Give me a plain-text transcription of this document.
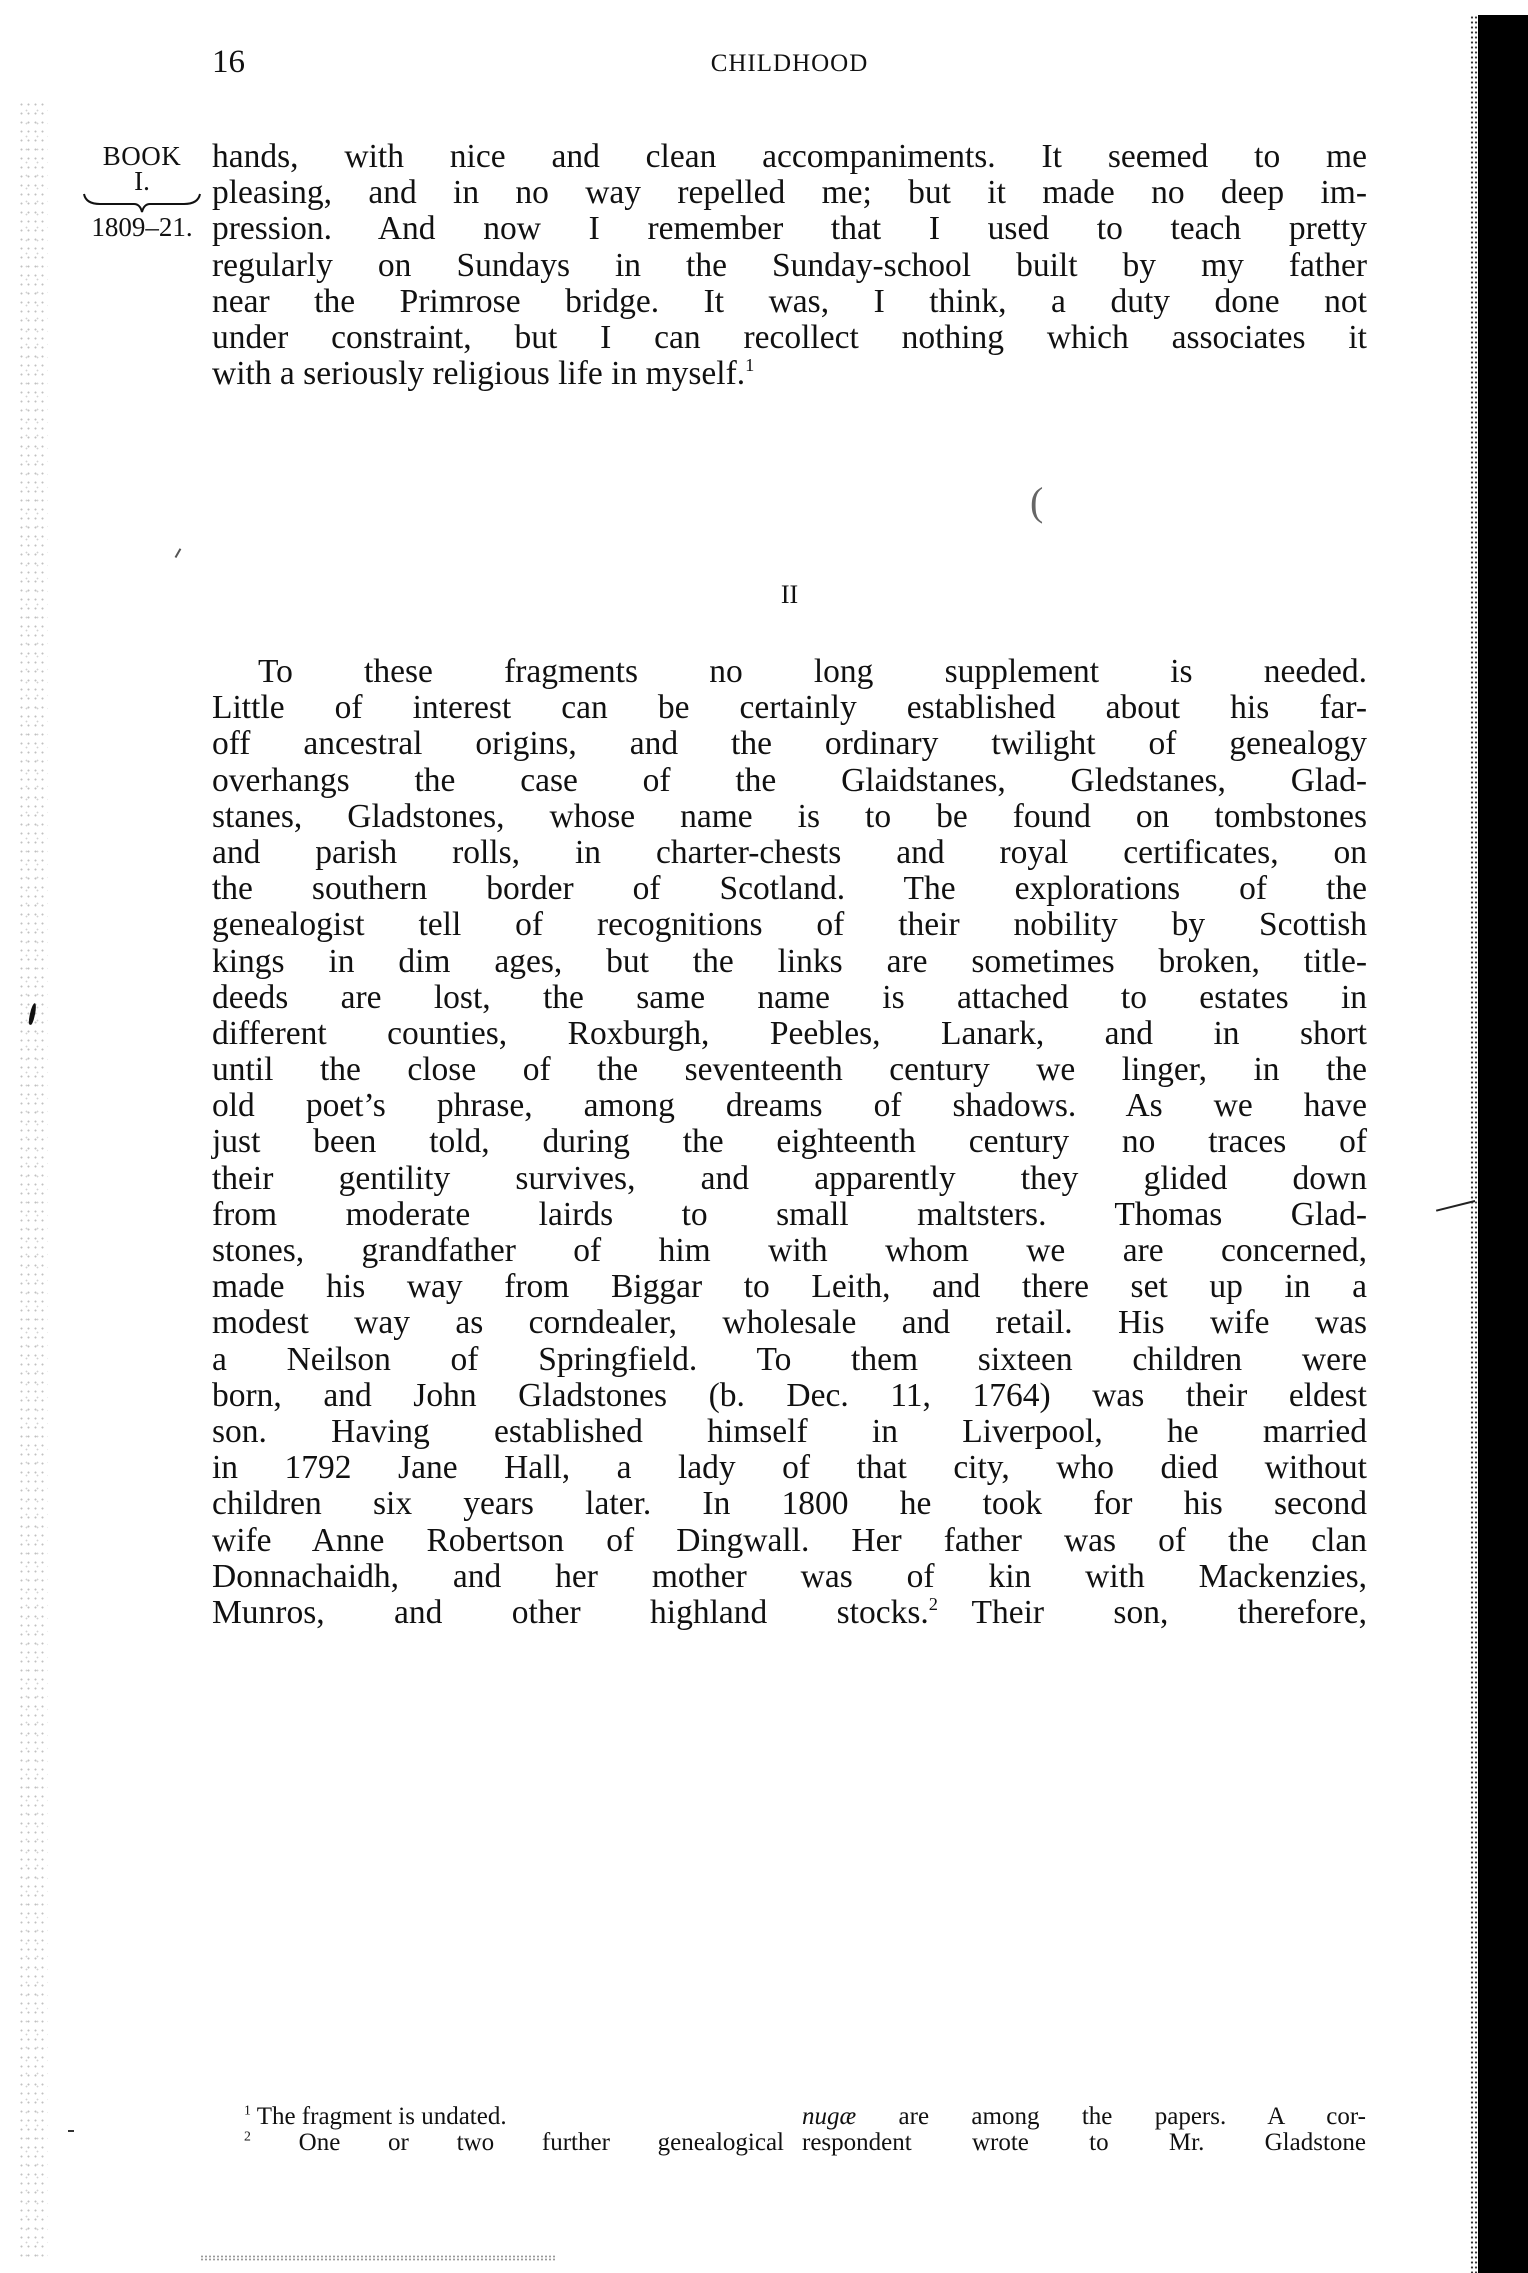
(
16	CHILDHOOD
BOOK
I.
1809–21.
hands, with nice and clean accompaniments. It seemed to me
pleasing, and in no way repelled me; but it made no deep im-
pression. And now I remember that I used to teach pretty
regularly on Sundays in the Sunday-school built by my father
near the Primrose bridge. It was, I think, a duty done not
under constraint, but I can recollect nothing which associates it
with a seriously religious life in myself.$^1$
II
To these fragments no long supplement is needed.
Little of interest can be certainly established about his far-
off ancestral origins, and the ordinary twilight of genealogy
overhangs the case of the Glaidstanes, Gledstanes, Glad-
stanes, Gladstones, whose name is to be found on tombstones
and parish rolls, in charter-chests and royal certificates, on
the southern border of Scotland. The explorations of the
genealogist tell of recognitions of their nobility by Scottish
kings in dim ages, but the links are sometimes broken, title-
deeds are lost, the same name is attached to estates in
different counties, Roxburgh, Peebles, Lanark, and in short
until the close of the seventeenth century we linger, in the
old poet’s phrase, among dreams of shadows. As we have
just been told, during the eighteenth century no traces of
their gentility survives, and apparently they glided down
from moderate lairds to small maltsters. Thomas Glad-
stones, grandfather of him with whom we are concerned,
made his way from Biggar to Leith, and there set up in a
modest way as corndealer, wholesale and retail. His wife was
a Neilson of Springfield. To them sixteen children were
born, and John Gladstones (b. Dec. 11, 1764) was their eldest
son. Having established himself in Liverpool, he married
in 1792 Jane Hall, a lady of that city, who died without
children six years later. In 1800 he took for his second
wife Anne Robertson of Dingwall. Her father was of the clan
Donnachaidh, and her mother was of kin with Mackenzies,
Munros, and other highland stocks.$^2$  Their son, therefore,
$^1$ The fragment is undated.
$^2$ One or two further genealogical
nugæ are among the papers. A cor-
respondent wrote to Mr. Gladstone
